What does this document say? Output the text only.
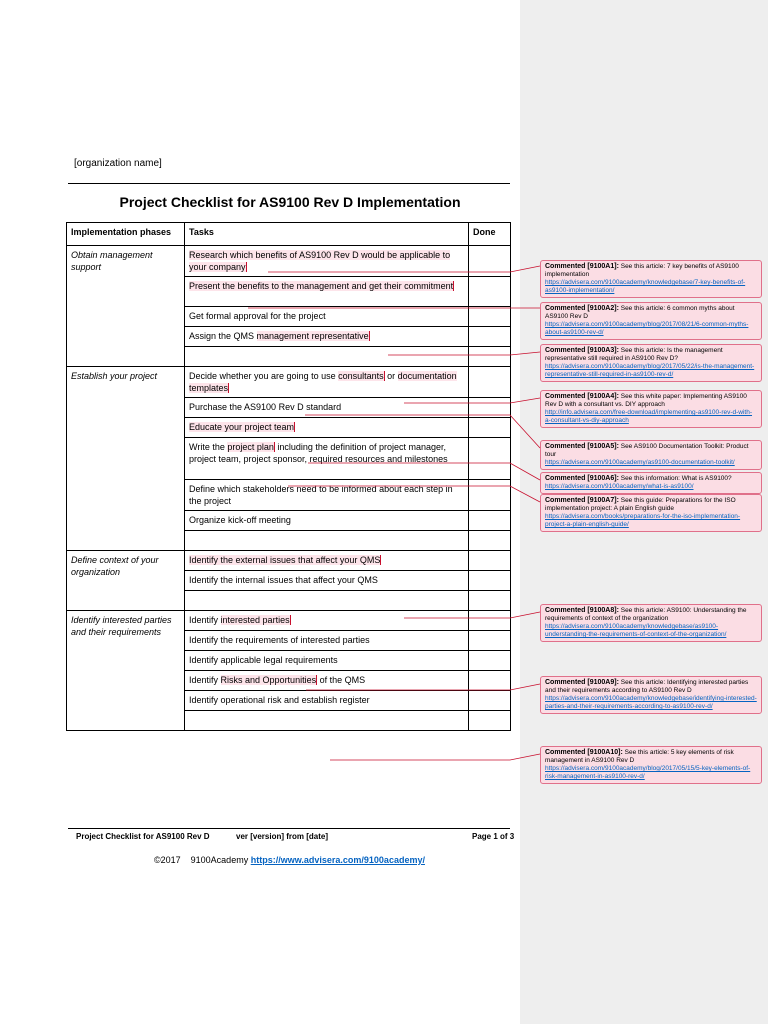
[organization name]
Project Checklist for AS9100 Rev D Implementation
Implementation phases	Tasks	Done
Obtain management support	Research which benefits of AS9100 Rev D would be applicable to your company	
	Present the benefits to the management and get their commitment	
	Get formal approval for the project	
	Assign the QMS management representative	

Establish your project	Decide whether you are going to use consultants or documentation templates	
	Purchase the AS9100 Rev D standard	
	Educate your project team	
	Write the project plan including the definition of project manager, project team, project sponsor, required resources and milestones	
	Define which stakeholders need to be informed about each step in the project	
	Organize kick-off meeting	

Define context of your organization	Identify the external issues that affect your QMS	
	Identify the internal issues that affect your QMS	

Identify interested parties and their requirements	Identify interested parties	
	Identify the requirements of interested parties	
	Identify applicable legal requirements	
	Identify Risks and Opportunities of the QMS	
	Identify operational risk and establish register	

Project Checklist for AS9100 Rev D	ver [version] from [date]	Page 1 of 3
©2017    9100Academy https://www.advisera.com/9100academy/
Commented [9100A1]: See this article: 7 key benefits of AS9100 implementation
https://advisera.com/9100academy/knowledgebase/7-key-benefits-of-as9100-implementation/
Commented [9100A2]: See this article: 6 common myths about AS9100 Rev D
https://advisera.com/9100academy/blog/2017/08/21/6-common-myths-about-as9100-rev-d/
Commented [9100A3]: See this article: Is the management representative still required in AS9100 Rev D?
https://advisera.com/9100academy/blog/2017/05/22/is-the-management-representative-still-required-in-as9100-rev-d/
Commented [9100A4]: See this white paper: Implementing AS9100 Rev D with a consultant vs. DIY approach
http://info.advisera.com/free-download/implementing-as9100-rev-d-with-a-consultant-vs-diy-approach
Commented [9100A5]: See AS9100 Documentation Toolkit: Product tour
https://advisera.com/9100academy/as9100-documentation-toolkit/
Commented [9100A6]: See this information: What is AS9100?
https://advisera.com/9100academy/what-is-as9100/
Commented [9100A7]: See this guide: Preparations for the ISO implementation project: A plain English guide
https://advisera.com/books/preparations-for-the-iso-implementation-project-a-plain-english-guide/
Commented [9100A8]: See this article: AS9100: Understanding the requirements of context of the organization
https://advisera.com/9100academy/knowledgebase/as9100-understanding-the-requirements-of-context-of-the-organization/
Commented [9100A9]: See this article: Identifying interested parties and their requirements according to AS9100 Rev D
https://advisera.com/9100academy/knowledgebase/identifying-interested-parties-and-their-requirements-according-to-as9100-rev-d/
Commented [9100A10]: See this article: 5 key elements of risk management in AS9100 Rev D
https://advisera.com/9100academy/blog/2017/05/15/5-key-elements-of-risk-management-in-as9100-rev-d/
